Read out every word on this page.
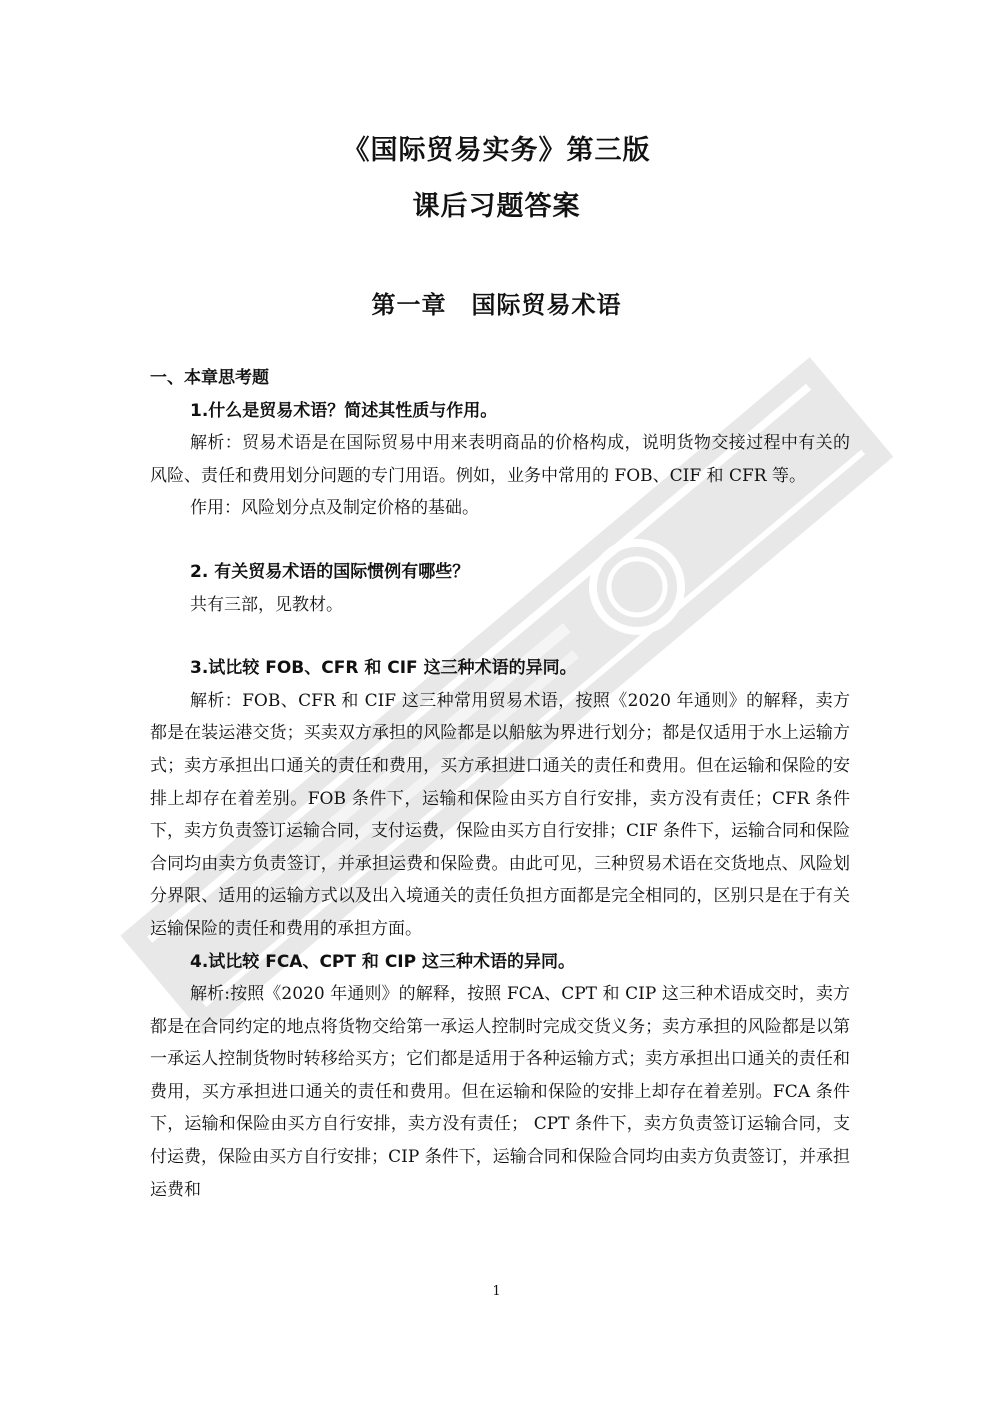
《国际贸易实务》第三版
课后习题答案
第一章　国际贸易术语

一、本章思考题

1.什么是贸易术语？简述其性质与作用。

解析：贸易术语是在国际贸易中用来表明商品的价格构成，说明货物交接过程中有关的风险、责任和费用划分问题的专门用语。例如，业务中常用的 FOB、CIF 和 CFR 等。

作用：风险划分点及制定价格的基础。

2. 有关贸易术语的国际惯例有哪些？

共有三部，见教材。

3.试比较 FOB、CFR 和 CIF 这三种术语的异同。

解析：FOB、CFR 和 CIF 这三种常用贸易术语，按照《2020 年通则》的解释，卖方都是在装运港交货；买卖双方承担的风险都是以船舷为界进行划分；都是仅适用于水上运输方式；卖方承担出口通关的责任和费用，买方承担进口通关的责任和费用。但在运输和保险的安排上却存在着差别。FOB 条件下，运输和保险由买方自行安排，卖方没有责任；CFR 条件下，卖方负责签订运输合同，支付运费，保险由买方自行安排；CIF 条件下，运输合同和保险合同均由卖方负责签订，并承担运费和保险费。由此可见，三种贸易术语在交货地点、风险划分界限、适用的运输方式以及出入境通关的责任负担方面都是完全相同的，区别只是在于有关运输保险的责任和费用的承担方面。

4.试比较 FCA、CPT 和 CIP 这三种术语的异同。

解析:按照《2020 年通则》的解释，按照 FCA、CPT 和 CIP 这三种术语成交时，卖方都是在合同约定的地点将货物交给第一承运人控制时完成交货义务；卖方承担的风险都是以第一承运人控制货物时转移给买方；它们都是适用于各种运输方式；卖方承担出口通关的责任和费用，买方承担进口通关的责任和费用。但在运输和保险的安排上却存在着差别。FCA 条件下，运输和保险由买方自行安排，卖方没有责任； CPT 条件下，卖方负责签订运输合同，支付运费，保险由买方自行安排；CIP 条件下，运输合同和保险合同均由卖方负责签订，并承担运费和

1
